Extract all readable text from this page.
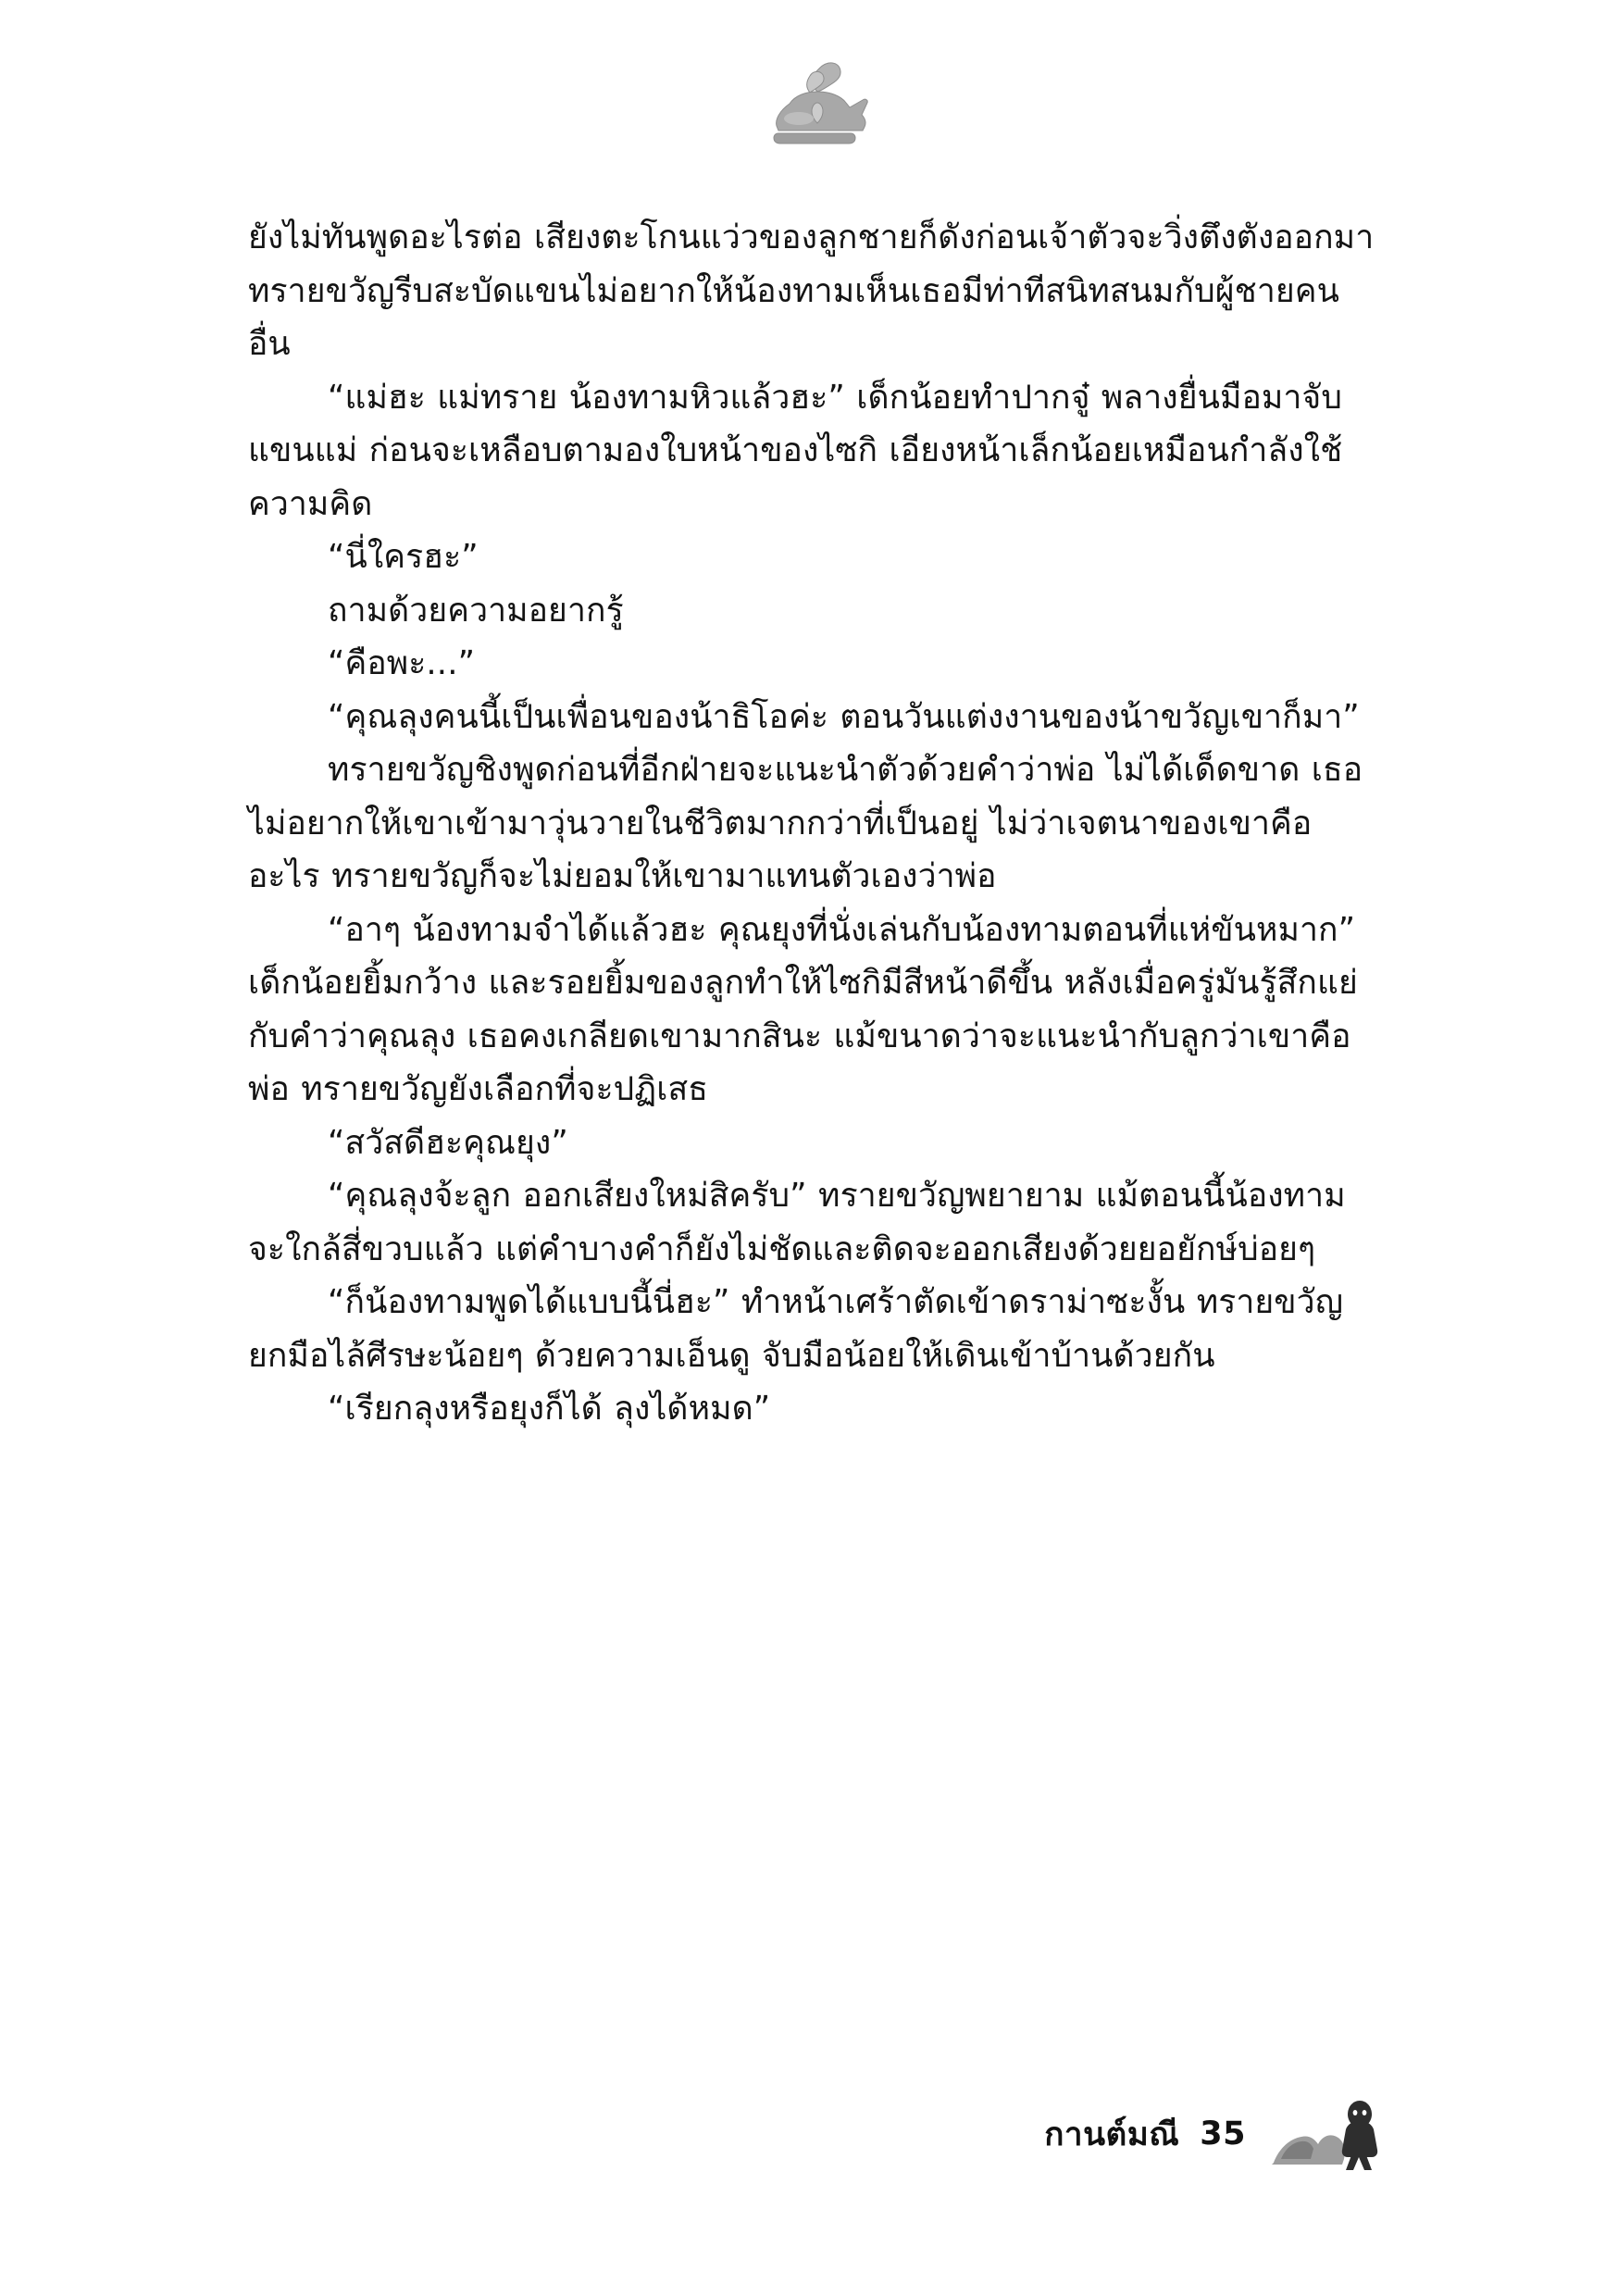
ยังไม่ทันพูดอะไรต่อ เสียงตะโกนแว่วของลูกชายก็ดังก่อนเจ้าตัวจะวิ่งตึงตังออกมา ทรายขวัญรีบสะบัดแขนไม่อยากให้น้องทามเห็นเธอมีท่าทีสนิทสนมกับผู้ชายคนอื่น

“แม่ฮะ แม่ทราย น้องทามหิวแล้วฮะ” เด็กน้อยทำปากจู๋ พลางยื่นมือมาจับแขนแม่ ก่อนจะเหลือบตามองใบหน้าของไซกิ เอียงหน้าเล็กน้อยเหมือนกำลังใช้ความคิด

“นี่ใครฮะ”

ถามด้วยความอยากรู้

“คือพะ...”

“คุณลุงคนนี้เป็นเพื่อนของน้าธิโอค่ะ ตอนวันแต่งงานของน้าขวัญเขาก็มา”

ทรายขวัญชิงพูดก่อนที่อีกฝ่ายจะแนะนำตัวด้วยคำว่าพ่อ ไม่ได้เด็ดขาด เธอไม่อยากให้เขาเข้ามาวุ่นวายในชีวิตมากกว่าที่เป็นอยู่ ไม่ว่าเจตนาของเขาคืออะไร ทรายขวัญก็จะไม่ยอมให้เขามาแทนตัวเองว่าพ่อ

“อาๆ น้องทามจำได้แล้วฮะ คุณยุงที่นั่งเล่นกับน้องทามตอนที่แห่ขันหมาก” เด็กน้อยยิ้มกว้าง และรอยยิ้มของลูกทำให้ไซกิมีสีหน้าดีขึ้น หลังเมื่อครู่มันรู้สึกแย่กับคำว่าคุณลุง เธอคงเกลียดเขามากสินะ แม้ขนาดว่าจะแนะนำกับลูกว่าเขาคือพ่อ ทรายขวัญยังเลือกที่จะปฏิเสธ

“สวัสดีฮะคุณยุง”

“คุณลุงจ้ะลูก ออกเสียงใหม่สิครับ” ทรายขวัญพยายาม แม้ตอนนี้น้องทามจะใกล้สี่ขวบแล้ว แต่คำบางคำก็ยังไม่ชัดและติดจะออกเสียงด้วยยอยักษ์บ่อยๆ

“ก็น้องทามพูดได้แบบนี้นี่ฮะ” ทำหน้าเศร้าตัดเข้าดราม่าซะงั้น ทรายขวัญยกมือไล้ศีรษะน้อยๆ ด้วยความเอ็นดู จับมือน้อยให้เดินเข้าบ้านด้วยกัน

“เรียกลุงหรือยุงก็ได้ ลุงได้หมด”

กานต์มณี 35
